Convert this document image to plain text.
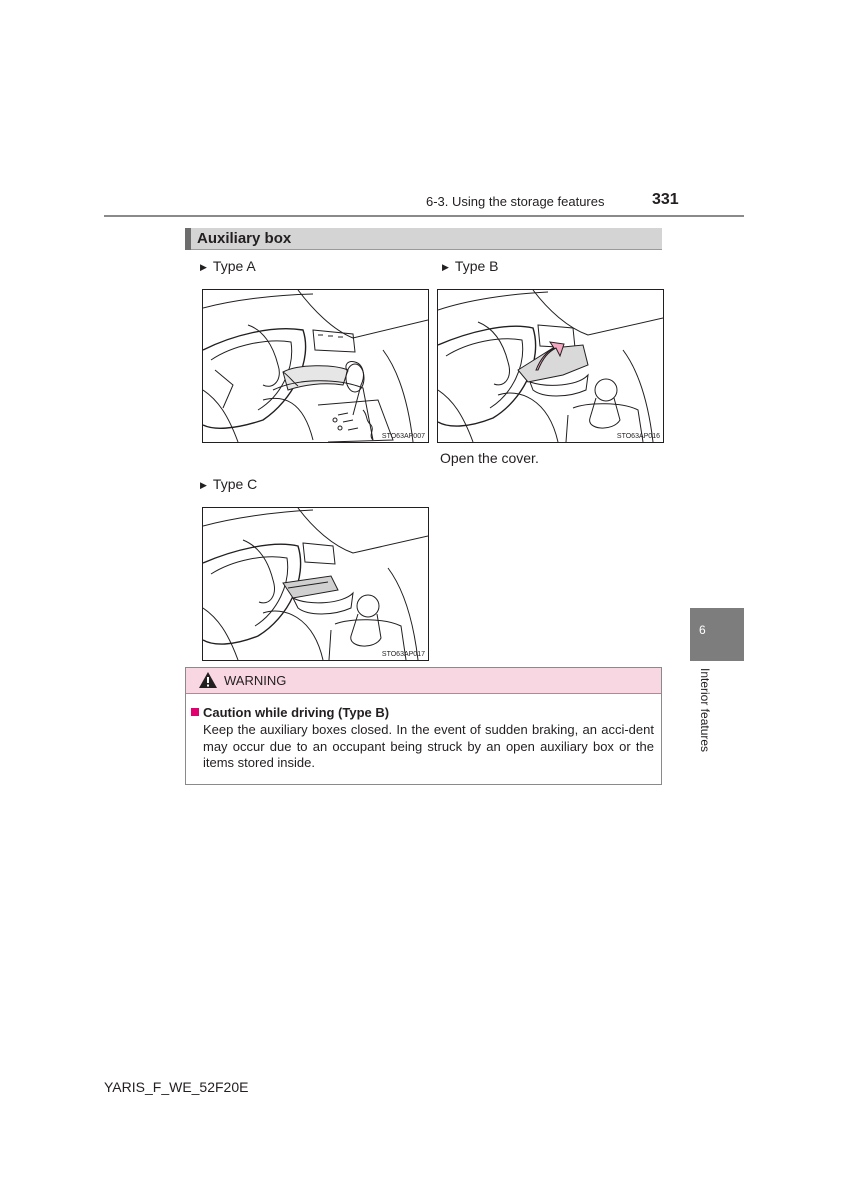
6-3. Using the storage features	331
Auxiliary box
▶ Type A
STO63AP007
▶ Type B
STO63AP016
Open the cover.
▶ Type C
STO63AP017
WARNING
Caution while driving (Type B)
Keep the auxiliary boxes closed. In the event of sudden braking, an acci-dent may occur due to an occupant being struck by an open auxiliary box or the items stored inside.
6
Interior features
YARIS_F_WE_52F20E
